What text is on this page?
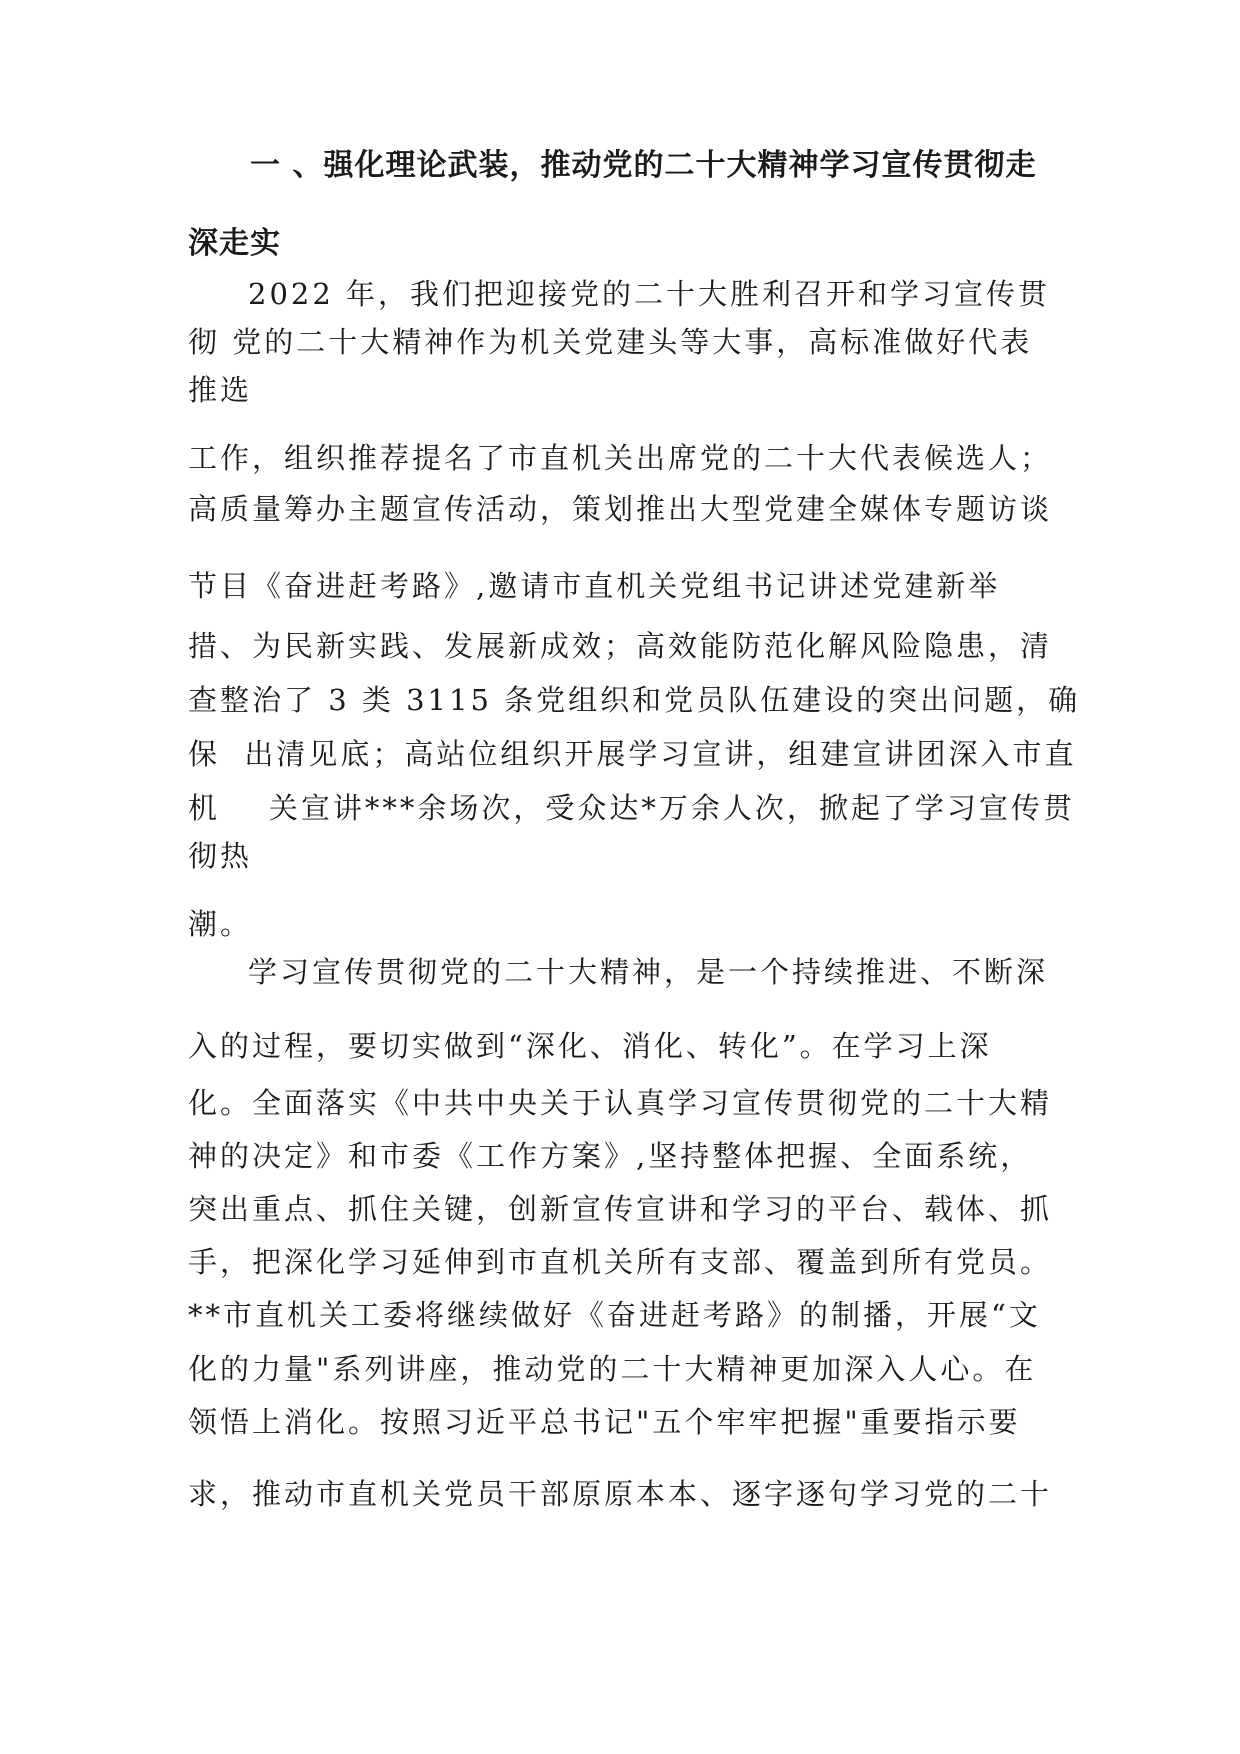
一 、强化理论武装，推动党的二十大精神学习宣传贯彻走
深走实
2022 年，我们把迎接党的二十大胜利召开和学习宣传贯
彻 党的二十大精神作为机关党建头等大事，高标准做好代表
推选
工作，组织推荐提名了市直机关出席党的二十大代表候选人；
高质量筹办主题宣传活动，策划推出大型党建全媒体专题访谈
节目《奋进赶考路》,邀请市直机关党组书记讲述党建新举
措、为民新实践、发展新成效；高效能防范化解风险隐患，清
查整治了 3 类 3115 条党组织和党员队伍建设的突出问题，确
保  出清见底；高站位组织开展学习宣讲，组建宣讲团深入市直
机    关宣讲***余场次，受众达*万余人次，掀起了学习宣传贯
彻热
潮。
学习宣传贯彻党的二十大精神，是一个持续推进、不断深
入的过程，要切实做到“深化、消化、转化”。在学习上深
化。全面落实《中共中央关于认真学习宣传贯彻党的二十大精
神的决定》和市委《工作方案》,坚持整体把握、全面系统，
突出重点、抓住关键，创新宣传宣讲和学习的平台、载体、抓
手，把深化学习延伸到市直机关所有支部、覆盖到所有党员。
**市直机关工委将继续做好《奋进赶考路》的制播，开展“文
化的力量"系列讲座，推动党的二十大精神更加深入人心。在
领悟上消化。按照习近平总书记"五个牢牢把握"重要指示要
求，推动市直机关党员干部原原本本、逐字逐句学习党的二十
